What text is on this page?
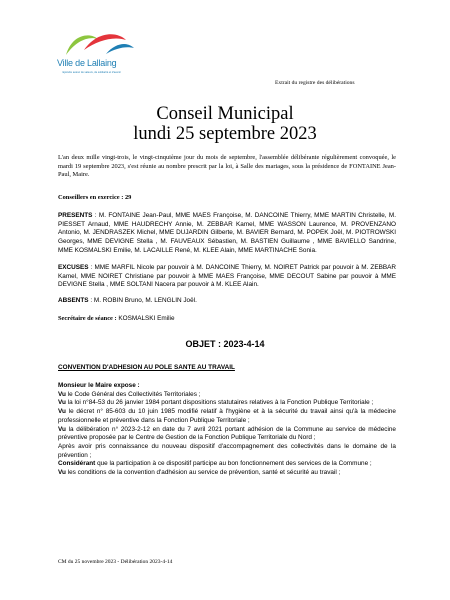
Ville de Lallaing
réjoindre autour de valeurs, de solidarité et d'avenir
Extrait du registre des délibérations
Conseil Municipal
lundi 25 septembre 2023
L'an deux mille vingt-trois, le vingt-cinquième jour du mois de septembre, l'assemblée délibérante régulièrement convoquée, le mardi 19 septembre 2023, s'est réunie au nombre prescrit par la loi, à Salle des mariages, sous la présidence de FONTAINE Jean-Paul, Maire.
Conseillers en exercice : 29
PRESENTS : M. FONTAINE Jean-Paul, MME MAES Françoise, M. DANCOINE Thierry, MME MARTIN Christelle, M. PIESSET Arnaud, MME HAUDRECHY Annie, M. ZEBBAR Kamel, MME WASSON Laurence, M. PROVENZANO Antonio, M. JENDRASZEK Michel, MME DUJARDIN Gilberte, M. BAVIER Bernard, M. POPEK Joël, M. PIOTROWSKI Georges, MME DEVIGNE Stella , M. FAUVEAUX Sébastien, M. BASTIEN Guillaume , MME BAVIELLO Sandrine, MME KOSMALSKI Emilie, M. LACAILLE René, M. KLEE Alain, MME MARTINACHE Sonia.
EXCUSES : MME MARFIL Nicole par pouvoir à M. DANCOINE Thierry, M. NOIRET Patrick par pouvoir à M. ZEBBAR Kamel, MME NOIRET Christiane par pouvoir à MME MAES Françoise, MME DECOUT Sabine par pouvoir à MME DEVIGNE Stella , MME SOLTANI Nacera par pouvoir à M. KLEE Alain.
ABSENTS : M. ROBIN Bruno, M. LENGLIN Joël.
Secrétaire de séance : KOSMALSKI Emilie
OBJET : 2023-4-14
CONVENTION D'ADHESION AU POLE SANTE AU TRAVAIL
Monsieur le Maire expose :
Vu le Code Général des Collectivités Territoriales ;
Vu la loi n°84-53 du 26 janvier 1984 portant dispositions statutaires relatives à la Fonction Publique Territoriale ;
Vu le décret n° 85-603 du 10 juin 1985 modifié relatif à l'hygiène et à la sécurité du travail ainsi qu'à la médecine professionnelle et préventive dans la Fonction Publique Territoriale ;
Vu la délibération n° 2023-2-12 en date du 7 avril 2021 portant adhésion de la Commune au service de médecine préventive proposée par le Centre de Gestion de la Fonction Publique Territoriale du Nord ;
Après avoir pris connaissance du nouveau dispositif d'accompagnement des collectivités dans le domaine de la prévention ;
Considérant que la participation à ce dispositif participe au bon fonctionnement des services de la Commune ;
Vu les conditions de la convention d'adhésion au service de prévention, santé et sécurité au travail ;
CM du 25 novembre 2023 - Délibération 2023-4-14
